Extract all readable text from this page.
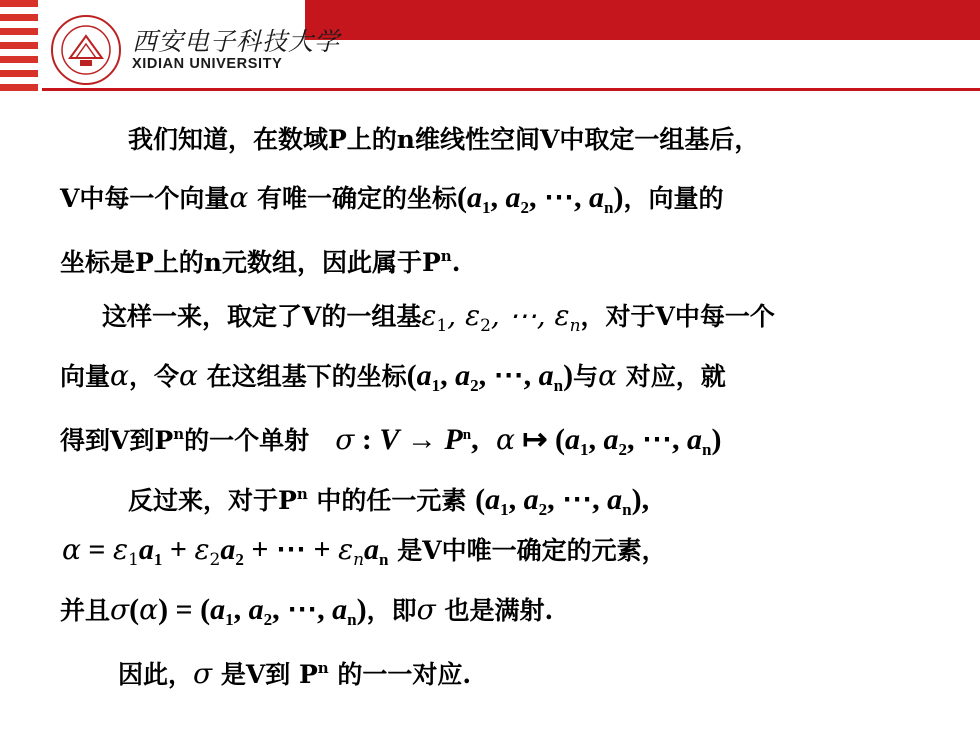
西安电子科技大学
XIDIAN UNIVERSITY
我们知道，在数域P上的n维线性空间V中取定一组基后，
V中每一个向量α 有唯一确定的坐标($a_1$, $a_2$, ⋯, $a_n$)，向量的
坐标是P上的n元数组，因此属于$P^n$.
这样一来，取定了V的一组基$\varepsilon_1$, $\varepsilon_2$, ⋯, $\varepsilon_n$，对于V中每一个
向量α，令α 在这组基下的坐标($a_1$, $a_2$, ⋯, $a_n$)与α 对应，就
得到V到$P^n$的一个单射 σ : $V \to P^n$, α ↦ ($a_1$, $a_2$, ⋯, $a_n$)
反过来，对于$P^n$ 中的任一元素 ($a_1$, $a_2$, ⋯, $a_n$),
$\alpha = \varepsilon_1a_1 + \varepsilon_2a_2$ + ⋯ + $\varepsilon_na_n$ 是V中唯一确定的元素，
并且$\sigma(\alpha) = (a_1$, $a_2$, ⋯, $a_n$)，即σ 也是满射.
因此，σ 是V到 $P^n$ 的一一对应.
